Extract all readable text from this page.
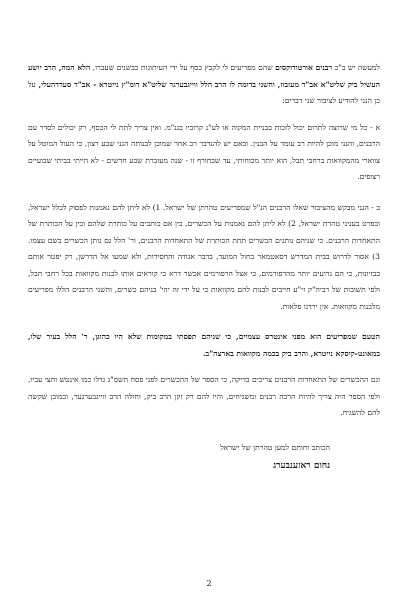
למעשה יש ב"כ רבנים אורטודוקסים שהם מפריעים לי לקבץ כסף על ידי העיתונות כבשנים שעברו, הלא המה, הרב יושע העשיל ביק שליט"א אב"ד מעזבוז, והשני בדומה לו הרב הלל ווייגבערגר שליט"א דומ"ץ נייטרא - אב"ד סערדהעלי, על כן הנני להודיע לציבור שני דברים:

א - כל מי שרוצה לתרום יכול לזכות בבניית המקוה או לע"נ קרוביו בגנ"מ. ואין צריך לתת לי הכסף, רק יכולים לסדר עם הרבנים, והנני מוכן להיות רב עומד על הבנין. ובאם יש להנדבר רב אחר שמוכן לבנותה הנני שבע רצון, כי העול המוטל על צווארי מהמקוואות ברחבי תבל, הוא יותר מכוחותי, עד שבחורף זו - שנה מעוברת שבע חדשים - לא הייתי בביתי שבועיים רצופים.

ב - הנני מבקש מהציבור שאלו הרבנים הנ"ל שמפריעים טהרתן של ישראל. 1) לא ליתן להם נאמנות לפסוק לכלל ישראל, ובפרט בעניני טהרת ישראל, 2) לא ליתן להם נאמנות על הכשרים, בין אם כותבים על כותרת שלהם ובין על הכותרת של התאחדות הרבנים. כי שניהם נותנים הכשרים תחת הכותרת של התאחדות הרבנים, ור' הלל גם נותן הכשרים בשם עצמו. 3) אסור לדרוש בבית המדרש דסאטמאר בחול המועד, בדבר אגודה והחסידות, ולא שמעו אל הדרשן, רק יפטר אותם בבזיונות, כי הם גרועים יותר מהרפורמים, כי אצל הרפורמים אכשר דרא כי קוראים אותו לבנות מקוואות בכל רחבי תבל, ולפי תשובות של רביה"ק זי"ע חייבים לבנות להם מקוואות כי על ידי זה יהי' בניהם כשרים, והשני הרבנים הללו מפריעים מלבנות מקוואות. אין ירדנו פלאות.

הטעם שמפריעים הוא מפני אינטרס עצמיים, כי שניהם תפסתי במקומות שלא היו כהוגן, ר' הלל בעיר שלו, במאונט-קיסקא נייטרא, והרב ביק בכמה מקוואות בארצה"ב.

וגם ההכשרים של התאחדות הרבנים צריכים בדיקה, כי הספר של ההכשרים לפני פסח תשס"ג גדלו כמו אינטש וחצי עביו, ולפי הספר היה צריך להיות הרבה רבנים ומשגיחים, והיו להם רק זקן הרב ביק, וחולה הרב ווייגבערגער, וכמובן שקשה להם להשגיח.

הכותב וחותם למען טהרתן של ישראל
נחום ראזענבערג
2
